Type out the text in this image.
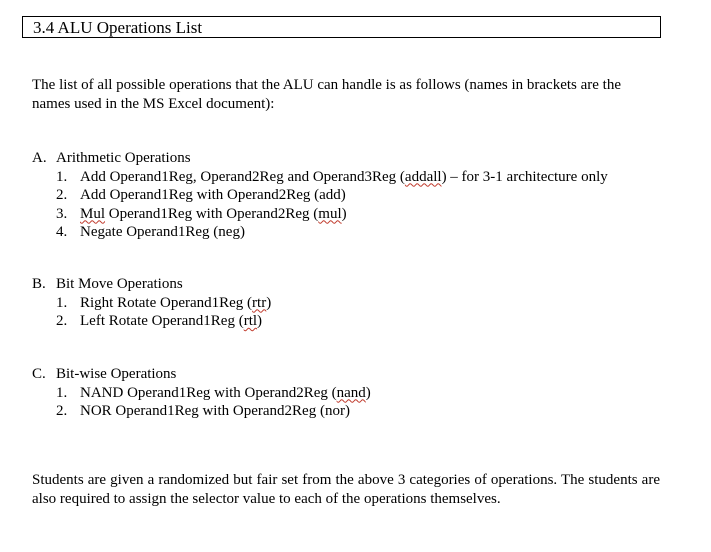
3.4 ALU Operations List

The list of all possible operations that the ALU can handle is as follows (names in brackets are the names used in the MS Excel document):

A. Arithmetic Operations
1. Add Operand1Reg, Operand2Reg and Operand3Reg (addall) – for 3-1 architecture only
2. Add Operand1Reg with Operand2Reg (add)
3. Mul Operand1Reg with Operand2Reg (mul)
4. Negate Operand1Reg (neg)
B. Bit Move Operations
1. Right Rotate Operand1Reg (rtr)
2. Left Rotate Operand1Reg (rtl)
C. Bit-wise Operations
1. NAND Operand1Reg with Operand2Reg (nand)
2. NOR Operand1Reg with Operand2Reg (nor)

Students are given a randomized but fair set from the above 3 categories of operations. The students are also required to assign the selector value to each of the operations themselves.
